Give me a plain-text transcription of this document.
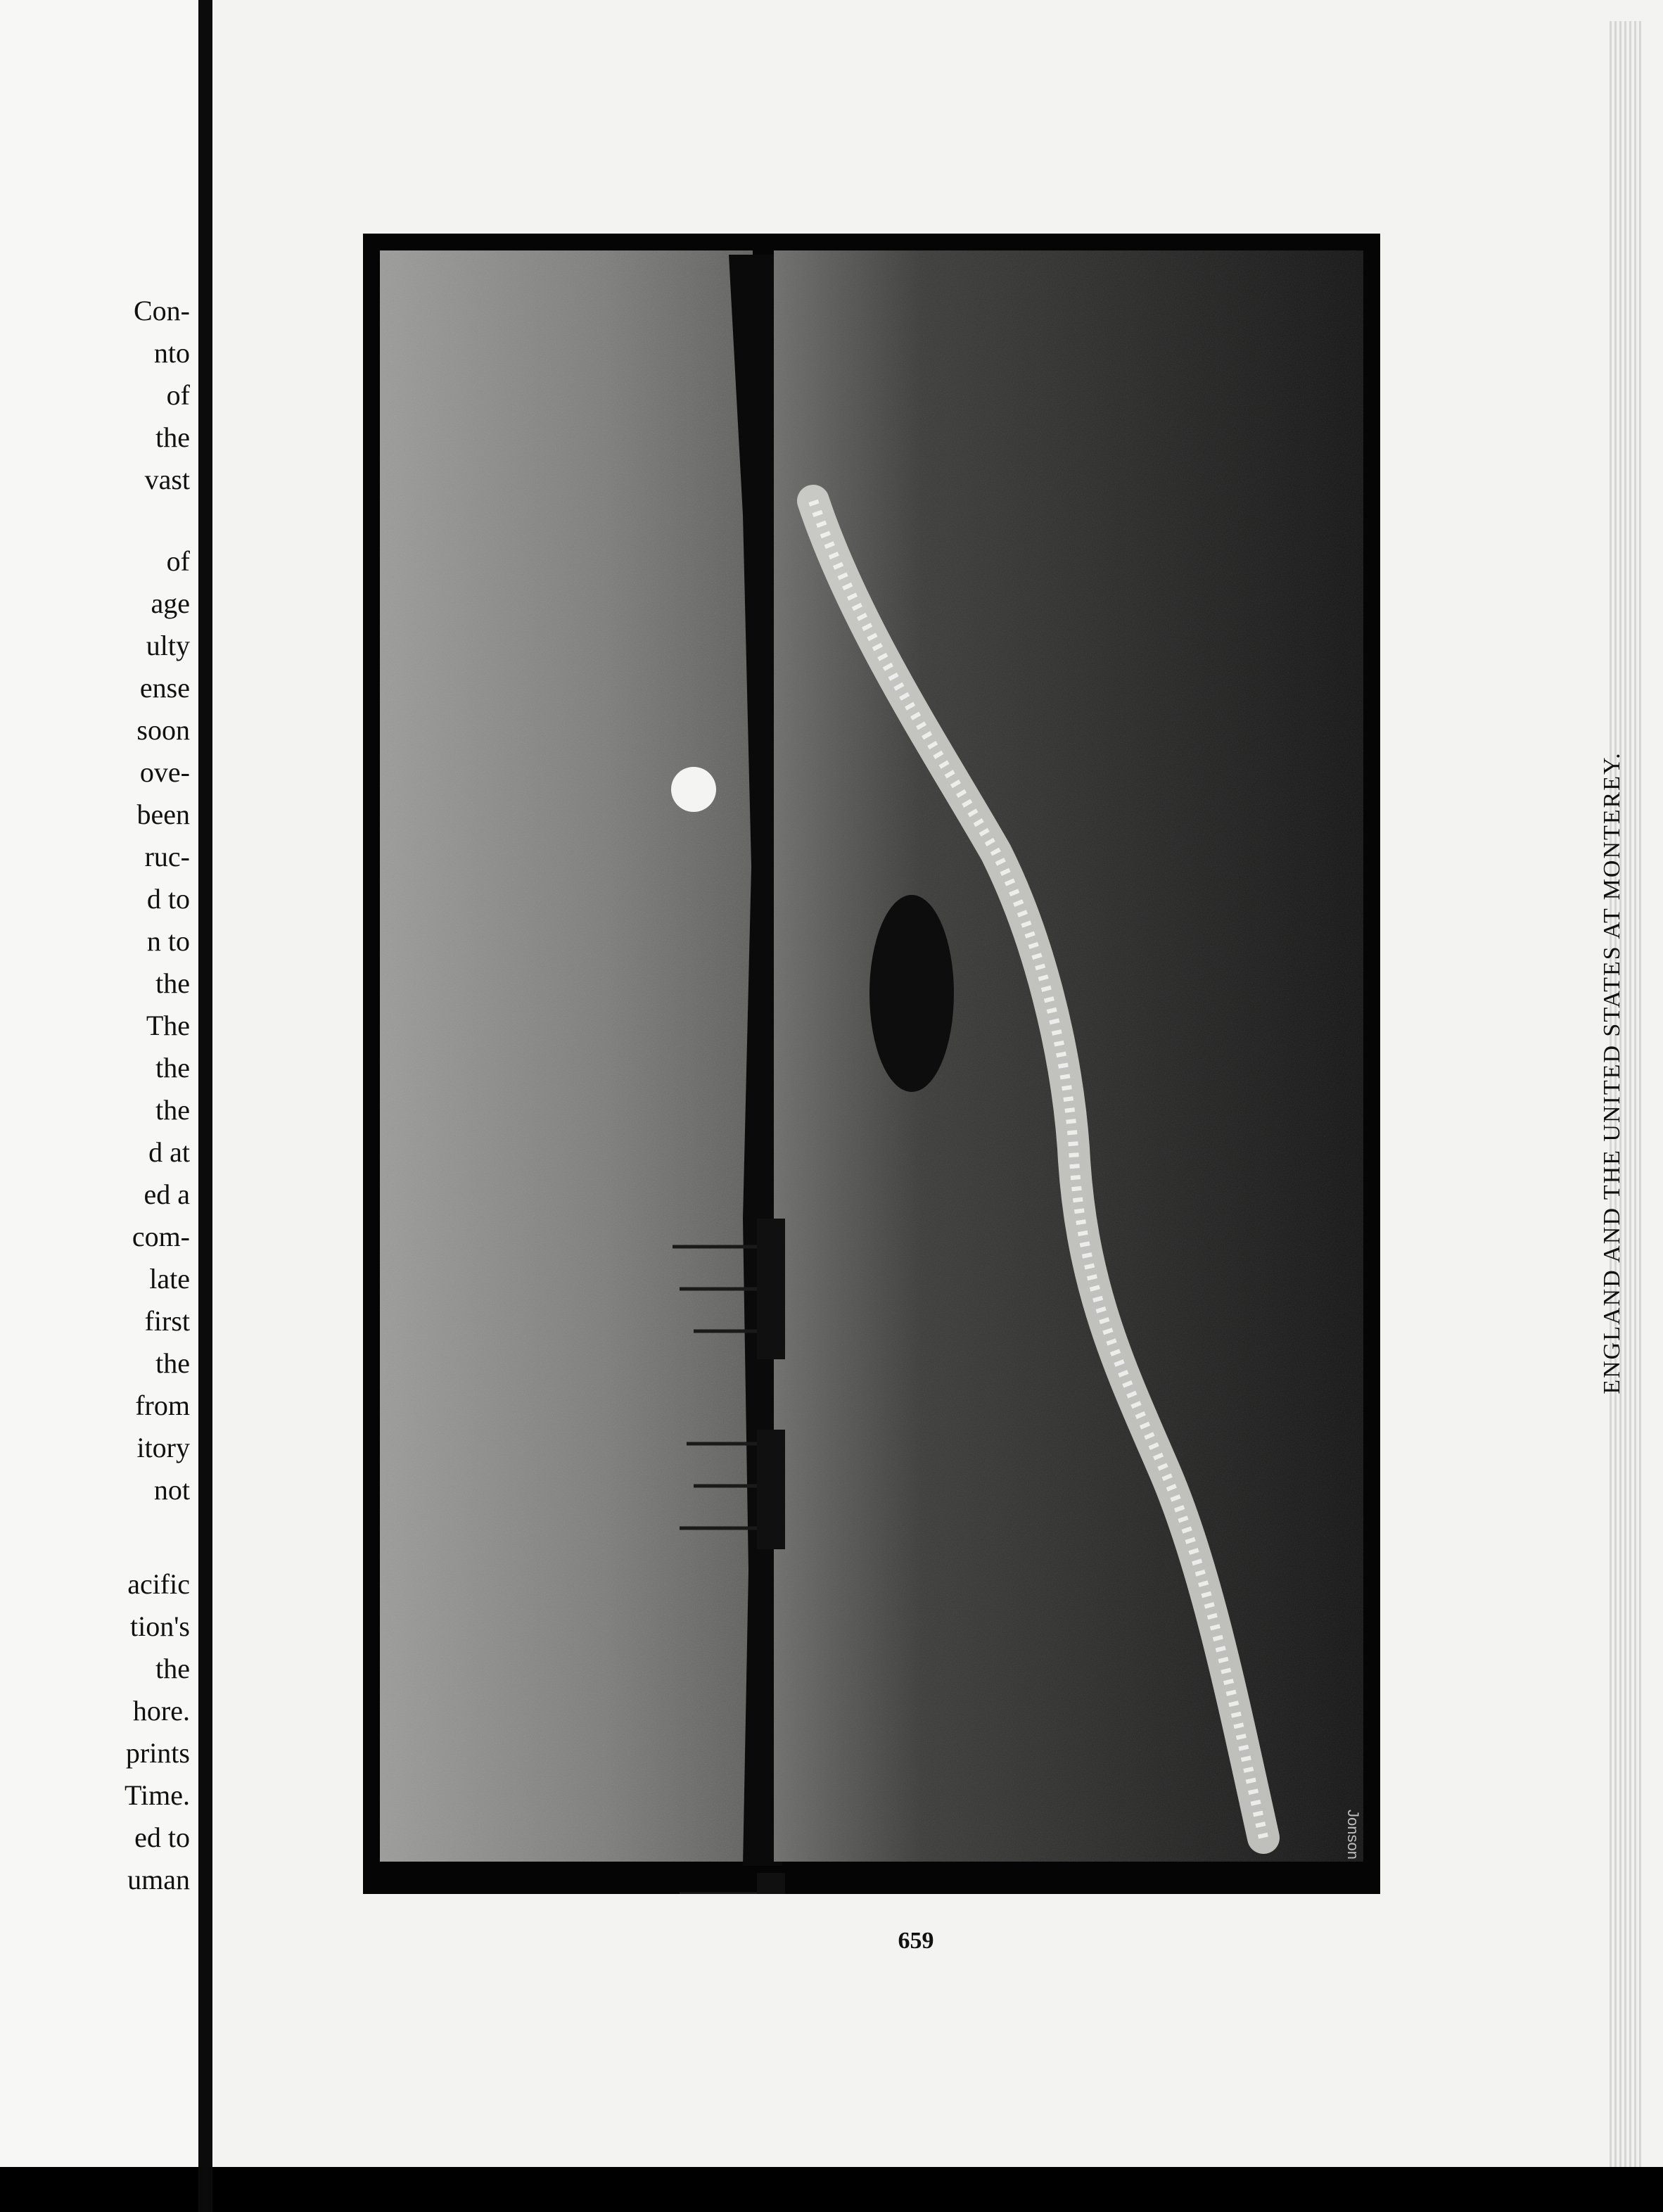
Con-
nto
of
the
vast
of
age
ulty
ense
soon
ove-
been
ruc-
d to
n to
the
The
the
the
d at
ed a
com-
late
first
the
from
itory
not
acific
tion's
the
hore.
prints
Time.
ed to
uman
Jonson
ENGLAND AND THE UNITED STATES AT MONTEREY.
659
